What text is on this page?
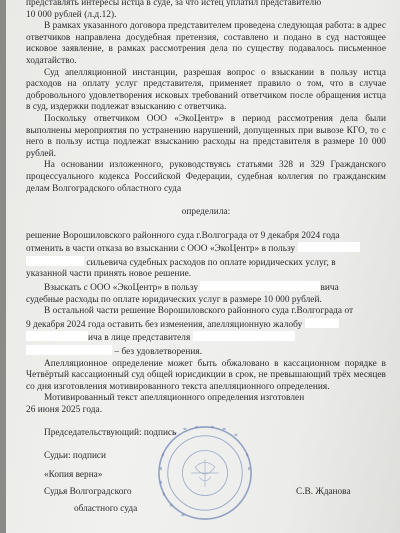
представлять интересы истца в суде, за что истец уплатил представителю

10 000 рублей (л.д.12).

В рамках указанного договора представителем проведена следующая работа: в адрес ответчиков направлена досудебная претензия, составлено и подано в суд настоящее исковое заявление, в рамках рассмотрения дела по существу подавалось письменное ходатайство.

Суд апелляционной инстанции, разрешая вопрос о взыскании в пользу истца расходов на оплату услуг представителя, применяет правило о том, что в случае добровольного удовлетворения исковых требований ответчиком после обращения истца в суд, издержки подлежат взысканию с ответчика.

Поскольку ответчиком ООО «ЭкоЦентр» в период рассмотрения дела были выполнены мероприятия по устранению нарушений, допущенных при вывозе КГО, то с него в пользу истца подлежат взысканию расходы на представителя в размере 10 000 рублей.

На основании изложенного, руководствуясь статьями 328 и 329 Гражданского процессуального кодекса Российской Федерации, судебная коллегия по гражданским делам Волгоградского областного суда

определила:

решение Ворошиловского районного суда г.Волгограда от 9 декабря 2024 года

отменить в части отказа во взыскании с ООО «ЭкоЦентр» в пользу

сильевича судебных расходов по оплате юридических услуг, в

указанной части принять новое решение.

Взыскать с ООО «ЭкоЦентр» в пользу	вича

судебные расходы по оплате юридических услуг в размере 10 000 рублей.

В остальной части решение Ворошиловского районного суда г.Волгограда от

9 декабря 2024 года оставить без изменения, апелляционную жалобу

ича в лице представителя

– без удовлетворения.

Апелляционное определение может быть обжаловано в кассационном порядке в Четвёртый кассационный суд общей юрисдикции в срок, не превышающий трёх месяцев со дня изготовления мотивированного текста апелляционного определения.

Мотивированный текст апелляционного определения изготовлен

26 июня 2025 года.

Председательствующий: подпись
Судьи: подписи
«Копия верна»
Судья Волгоградского
областного суда
С.В. Жданова
